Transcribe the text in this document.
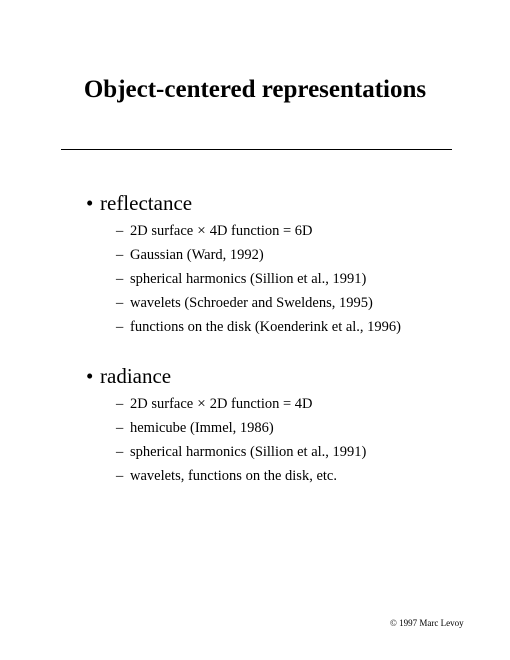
Object-centered representations
• reflectance
– 2D surface × 4D function = 6D
– Gaussian (Ward, 1992)
– spherical harmonics (Sillion et al., 1991)
– wavelets (Schroeder and Sweldens, 1995)
– functions on the disk (Koenderink et al., 1996)
• radiance
– 2D surface × 2D function = 4D
– hemicube (Immel, 1986)
– spherical harmonics (Sillion et al., 1991)
– wavelets, functions on the disk, etc.
© 1997 Marc Levoy
